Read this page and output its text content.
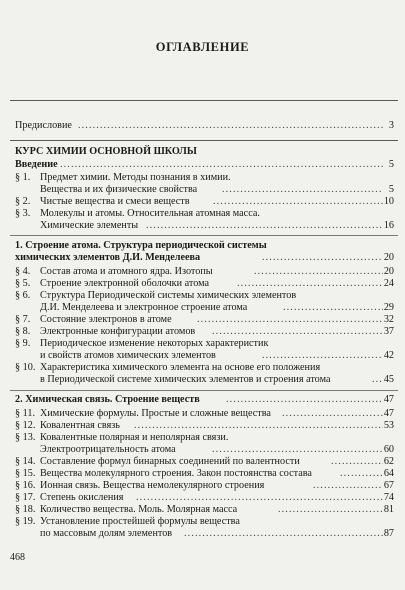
ОГЛАВЛЕНИЕ
Предисловие .....	3
КУРС ХИМИИ ОСНОВНОЙ ШКОЛЫ
Введение .....	5
§ 1. Предмет химии. Методы познания в химии.
Вещества и их физические свойства .....	5
§ 2. Чистые вещества и смеси веществ .....	10
§ 3. Молекулы и атомы. Относительная атомная масса.
Химические элементы .....	16
1. Строение атома. Структура периодической системы
химических элементов Д.И. Менделеева .....	20
§ 4. Состав атома и атомного ядра. Изотопы .....	20
§ 5. Строение электронной оболочки атома .....	24
§ 6. Структура Периодической системы химических элементов
Д.И. Менделеева и электронное строение атома .....	29
§ 7. Состояние электронов в атоме .....	32
§ 8. Электронные конфигурации атомов .....	37
§ 9. Периодическое изменение некоторых характеристик
и свойств атомов химических элементов .....	42
§ 10. Характеристика химического элемента на основе его положения
в Периодической системе химических элементов и строения атома .....	45
2. Химическая связь. Строение веществ .....	47
§ 11. Химические формулы. Простые и сложные вещества .....	47
§ 12. Ковалентная связь .....	53
§ 13. Ковалентные полярная и неполярная связи.
Электроотрицательность атома .....	60
§ 14. Составление формул бинарных соединений по валентности .....	62
§ 15. Вещества молекулярного строения. Закон постоянства состава .....	64
§ 16. Ионная связь. Вещества немолекулярного строения .....	67
§ 17. Степень окисления .....	74
§ 18. Количество вещества. Моль. Молярная масса .....	81
§ 19. Установление простейшей формулы вещества
по массовым долям элементов .....	87
468
